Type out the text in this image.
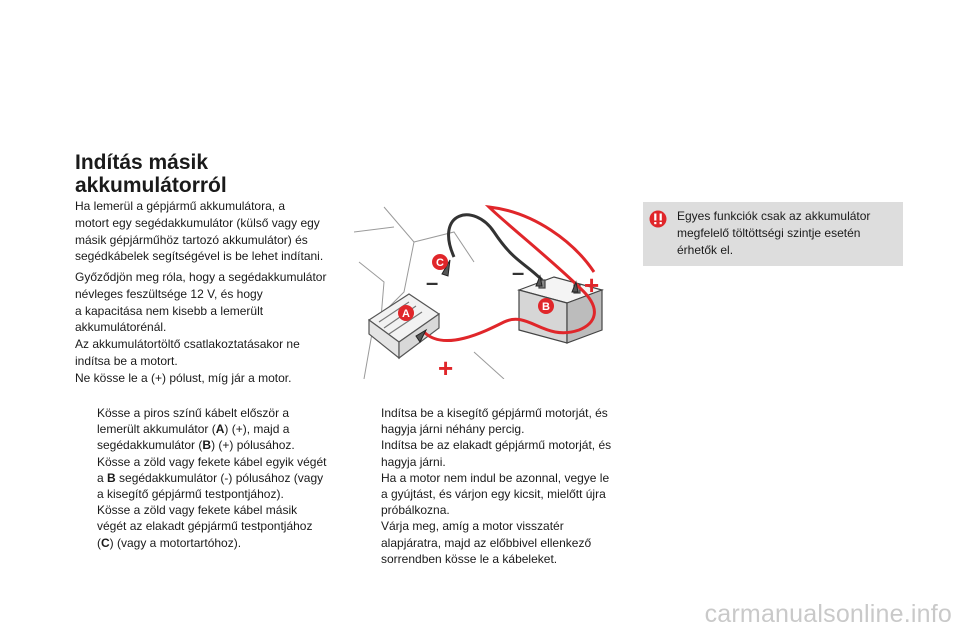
Indítás másik
akkumulátorról

Ha lemerül a gépjármű akkumulátora, a
motort egy segédakkumulátor (külső vagy egy
másik gépjárműhöz tartozó akkumulátor) és
segédkábelek segítségével is be lehet indítani.

Győződjön meg róla, hogy a segédakkumulátor
névleges feszültsége 12 V, és hogy
a kapacitása nem kisebb a lemerült
akkumulátorénál.
Az akkumulátortöltő csatlakoztatásakor ne
indítsa be a motort.
Ne kösse le a (+) pólust, míg jár a motor.

–	– +
+
A
B
C

Egyes funkciók csak az akkumulátor
megfelelő töltöttségi szintje esetén
érhetők el.

Kösse a piros színű kábelt először a
lemerült akkumulátor (A) (+), majd a
segédakkumulátor (B) (+) pólusához.
Kösse a zöld vagy fekete kábel egyik végét
a B segédakkumulátor (-) pólusához (vagy
a kisegítő gépjármű testpontjához).
Kösse a zöld vagy fekete kábel másik
végét az elakadt gépjármű testpontjához
(C) (vagy a motortartóhoz).
Indítsa be a kisegítő gépjármű motorját, és
hagyja járni néhány percig.
Indítsa be az elakadt gépjármű motorját, és
hagyja járni.
Ha a motor nem indul be azonnal, vegye le
a gyújtást, és várjon egy kicsit, mielőtt újra
próbálkozna.
Várja meg, amíg a motor visszatér
alapjáratra, majd az előbbivel ellenkező
sorrendben kösse le a kábeleket.
carmanualsonline.info
